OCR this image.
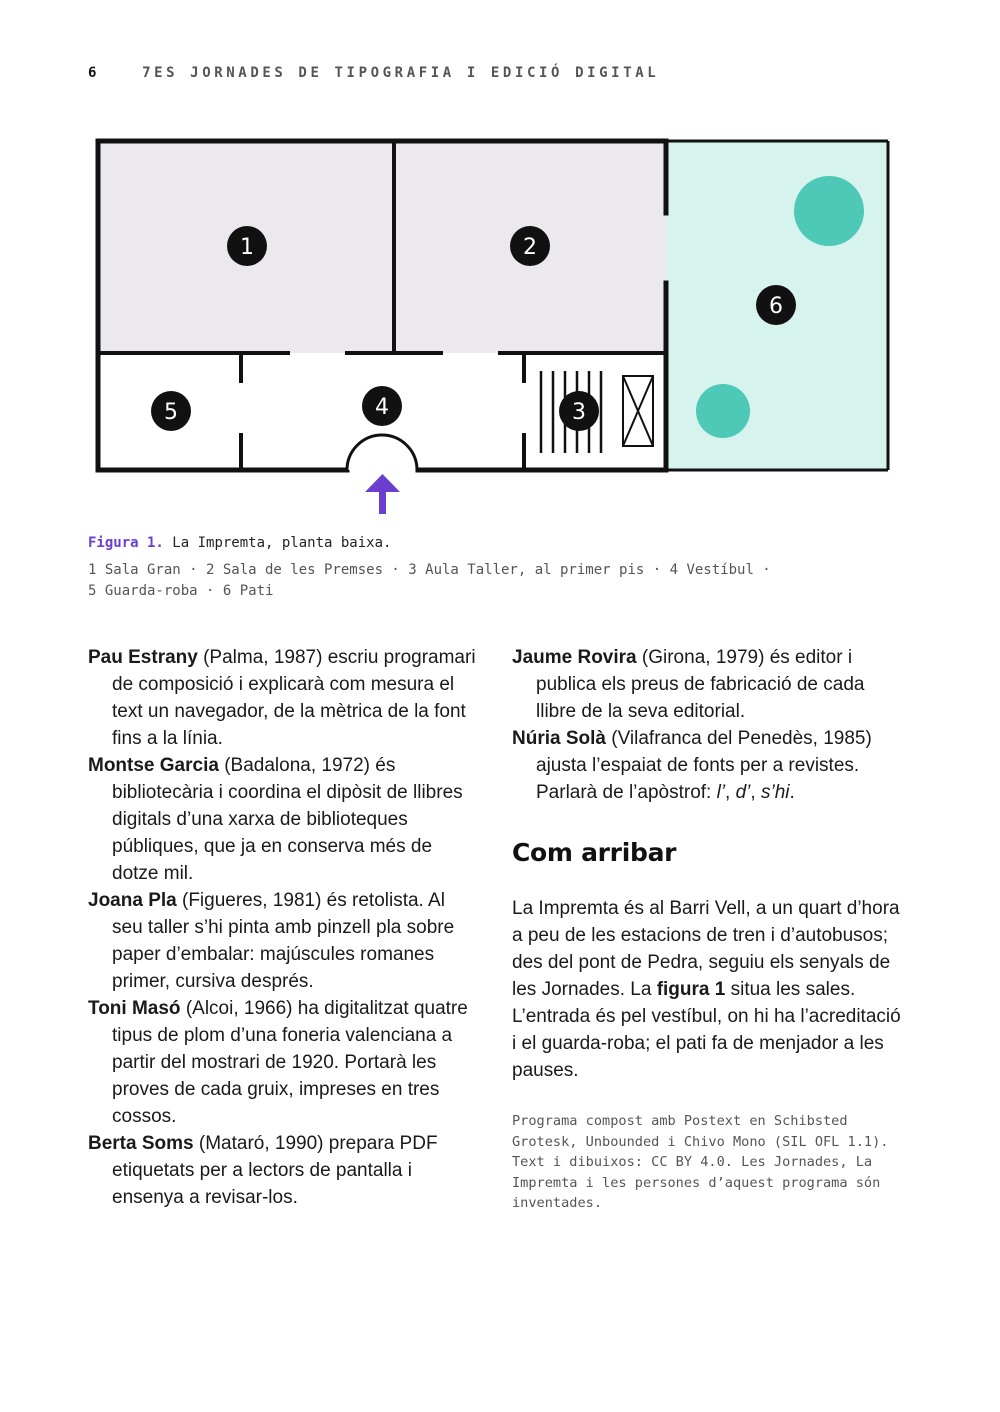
6	7ES JORNADES DE TIPOGRAFIA I EDICIÓ DIGITAL
1	2
3
4
5
6
Figura 1. La Impremta, planta baixa.
1 Sala Gran · 2 Sala de les Premses · 3 Aula Taller, al primer pis · 4 Vestíbul ·
5 Guarda-roba · 6 Pati

Pau Estrany (Palma, 1987) escriu programari de composició i explicarà com mesura el text un navegador, de la mètrica de la font fins a la línia.

Montse Garcia (Badalona, 1972) és bibliotecària i coordina el dipòsit de llibres digitals d’una xarxa de biblioteques públiques, que ja en conserva més de dotze mil.

Joana Pla (Figueres, 1981) és retolista. Al seu taller s’hi pinta amb pinzell pla sobre paper d’embalar: majúscules romanes primer, cursiva després.

Toni Masó (Alcoi, 1966) ha digitalitzat quatre tipus de plom d’una foneria valenciana a partir del mostrari de 1920. Portarà les proves de cada gruix, impreses en tres cossos.

Berta Soms (Mataró, 1990) prepara PDF etiquetats per a lectors de pantalla i ensenya a revisar-los.

Jaume Rovira (Girona, 1979) és editor i publica els preus de fabricació de cada llibre de la seva editorial.

Núria Solà (Vilafranca del Penedès, 1985) ajusta l’espaiat de fonts per a revistes. Parlarà de l’apòstrof: l’, d’, s’hi.

Com arribar

La Impremta és al Barri Vell, a un quart d’hora a peu de les estacions de tren i d’autobusos; des del pont de Pedra, seguiu els senyals de les Jornades. La figura 1 situa les sales. L’entrada és pel vestíbul, on hi ha l’acreditació i el guarda-roba; el pati fa de menjador a les pauses.

Programa compost amb Postext en Schibsted Grotesk, Unbounded i Chivo Mono (SIL OFL 1.1). Text i dibuixos: CC BY 4.0. Les Jornades, La Impremta i les persones d’aquest programa són inventades.
